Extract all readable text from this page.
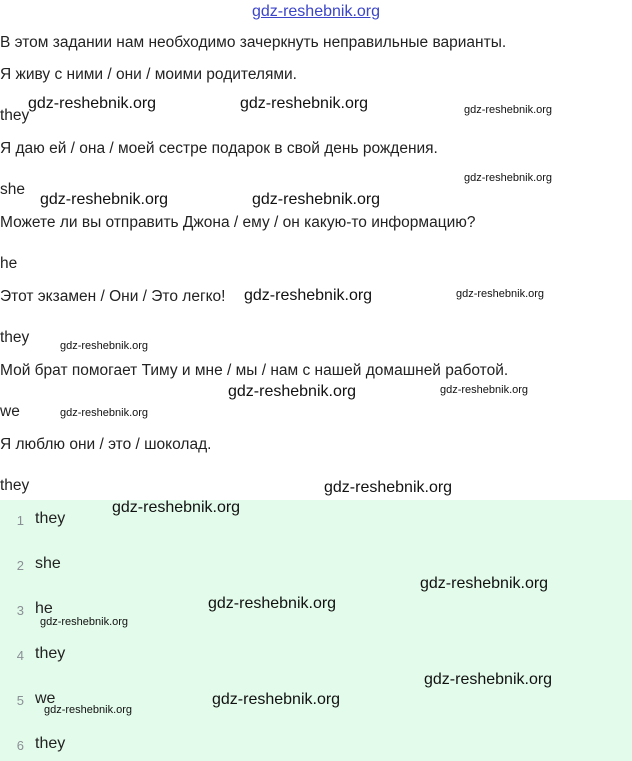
gdz-reshebnik.org
В этом задании нам необходимо зачеркнуть неправильные варианты.
Я живу с ними / они / моими родителями.
they
Я даю ей / она / моей сестре подарок в свой день рождения.
she
Можете ли вы отправить Джона / ему / он какую-то информацию?
he
Этот экзамен / Они / Это легко!
they
Мой брат помогает Тиму и мне / мы / нам с нашей домашней работой.
we
Я люблю они / это / шоколад.
they
1 they
2 she
3 he
4 they
5 we
6 they
gdz-reshebnik.org	gdz-reshebnik.org	gdz-reshebnik.org
gdz-reshebnik.org
gdz-reshebnik.org	gdz-reshebnik.org
gdz-reshebnik.org	gdz-reshebnik.org
gdz-reshebnik.org
gdz-reshebnik.org	gdz-reshebnik.org
gdz-reshebnik.org
gdz-reshebnik.org
gdz-reshebnik.org
gdz-reshebnik.org
gdz-reshebnik.org
gdz-reshebnik.org
gdz-reshebnik.org
gdz-reshebnik.org
gdz-reshebnik.org
